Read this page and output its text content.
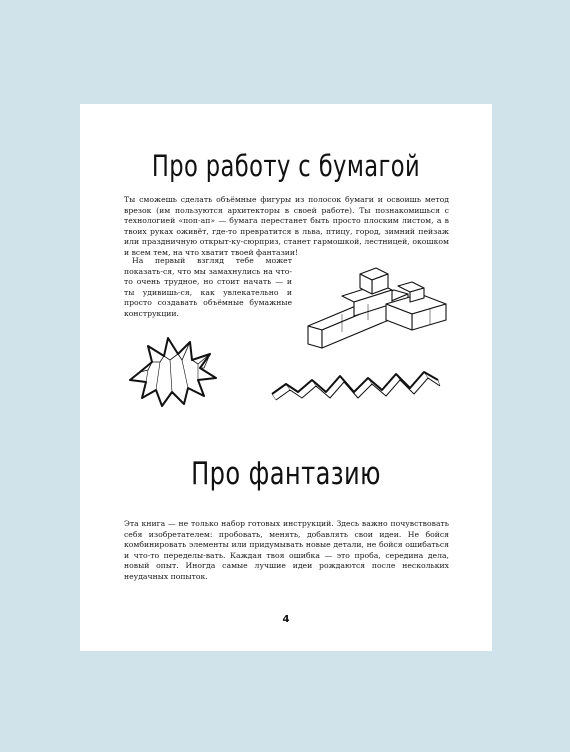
Про работу с бумагой

Ты сможешь сделать объёмные фигуры из полосок бумаги и освоишь метод врезок (им пользуются архитекторы в своей работе). Ты познакомишься с технологией «поп-ап» — бумага перестанет быть просто плоским листом, а в твоих руках оживёт, где-то превратится в льва, птицу, город, зимний пейзаж или праздничную открыт-ку-сюрприз, станет гармошкой, лестницей, окошком и всем тем, на что хватит твоей фантазии!

На первый взгляд тебе может показать-ся, что мы замахнулись на что-то очень трудное, но стоит начать — и ты удивишь-ся, как увлекательно и просто создавать объёмные бумажные конструкции.

Про фантазию

Эта книга — не только набор готовых инструкций. Здесь важно почувствовать себя изобретателем: пробовать, менять, добавлять свои идеи. Не бойся комбинировать элементы или придумывать новые детали, не бойся ошибаться и что-то переделы-вать. Каждая твоя ошибка — это проба, середина дела, новый опыт. Иногда самые лучшие идеи рождаются после нескольких неудачных попыток.

4
